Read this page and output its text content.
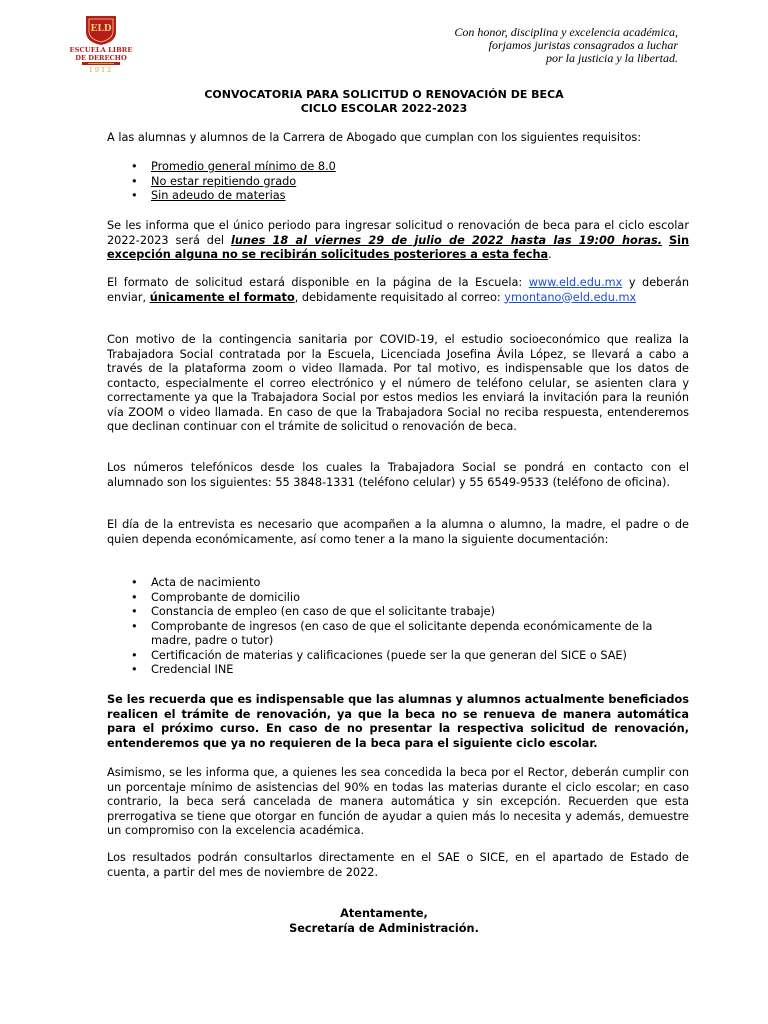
ELD
ESCUELA LIBRE
DE DERECHO
1912
Con honor, disciplina y excelencia académica,
forjamos juristas consagrados a luchar
por la justicia y la libertad.
CONVOCATORIA PARA SOLICITUD O RENOVACIÓN DE BECA
CICLO ESCOLAR 2022-2023
A las alumnas y alumnos de la Carrera de Abogado que cumplan con los siguientes requisitos:
• Promedio general mínimo de 8.0
• No estar repitiendo grado
• Sin adeudo de materias
Se les informa que el único periodo para ingresar solicitud o renovación de beca para el ciclo escolar 2022-2023 será del lunes 18 al viernes 29 de julio de 2022 hasta las 19:00 horas. Sin excepción alguna no se recibirán solicitudes posteriores a esta fecha.
El formato de solicitud estará disponible en la página de la Escuela: www.eld.edu.mx y deberán enviar, únicamente el formato, debidamente requisitado al correo: ymontano@eld.edu.mx
Con motivo de la contingencia sanitaria por COVID-19, el estudio socioeconómico que realiza la Trabajadora Social contratada por la Escuela, Licenciada Josefina Ávila López, se llevará a cabo a través de la plataforma zoom o video llamada. Por tal motivo, es indispensable que los datos de contacto, especialmente el correo electrónico y el número de teléfono celular, se asienten clara y correctamente ya que la Trabajadora Social por estos medios les enviará la invitación para la reunión vía ZOOM o video llamada. En caso de que la Trabajadora Social no reciba respuesta, entenderemos que declinan continuar con el trámite de solicitud o renovación de beca.
Los números telefónicos desde los cuales la Trabajadora Social se pondrá en contacto con el alumnado son los siguientes: 55 3848-1331 (teléfono celular) y 55 6549-9533 (teléfono de oficina).
El día de la entrevista es necesario que acompañen a la alumna o alumno, la madre, el padre o de quien dependa económicamente, así como tener a la mano la siguiente documentación:
• Acta de nacimiento
• Comprobante de domicilio
• Constancia de empleo (en caso de que el solicitante trabaje)
• Comprobante de ingresos (en caso de que el solicitante dependa económicamente de la madre, padre o tutor)
• Certificación de materias y calificaciones (puede ser la que generan del SICE o SAE)
• Credencial INE
Se les recuerda que es indispensable que las alumnas y alumnos actualmente beneficiados realicen el trámite de renovación, ya que la beca no se renueva de manera automática para el próximo curso. En caso de no presentar la respectiva solicitud de renovación, entenderemos que ya no requieren de la beca para el siguiente ciclo escolar.
Asimismo, se les informa que, a quienes les sea concedida la beca por el Rector, deberán cumplir con un porcentaje mínimo de asistencias del 90% en todas las materias durante el ciclo escolar; en caso contrario, la beca será cancelada de manera automática y sin excepción. Recuerden que esta prerrogativa se tiene que otorgar en función de ayudar a quien más lo necesita y además, demuestre un compromiso con la excelencia académica.
Los resultados podrán consultarlos directamente en el SAE o SICE, en el apartado de Estado de cuenta, a partir del mes de noviembre de 2022.
Atentamente,
Secretaría de Administración.
